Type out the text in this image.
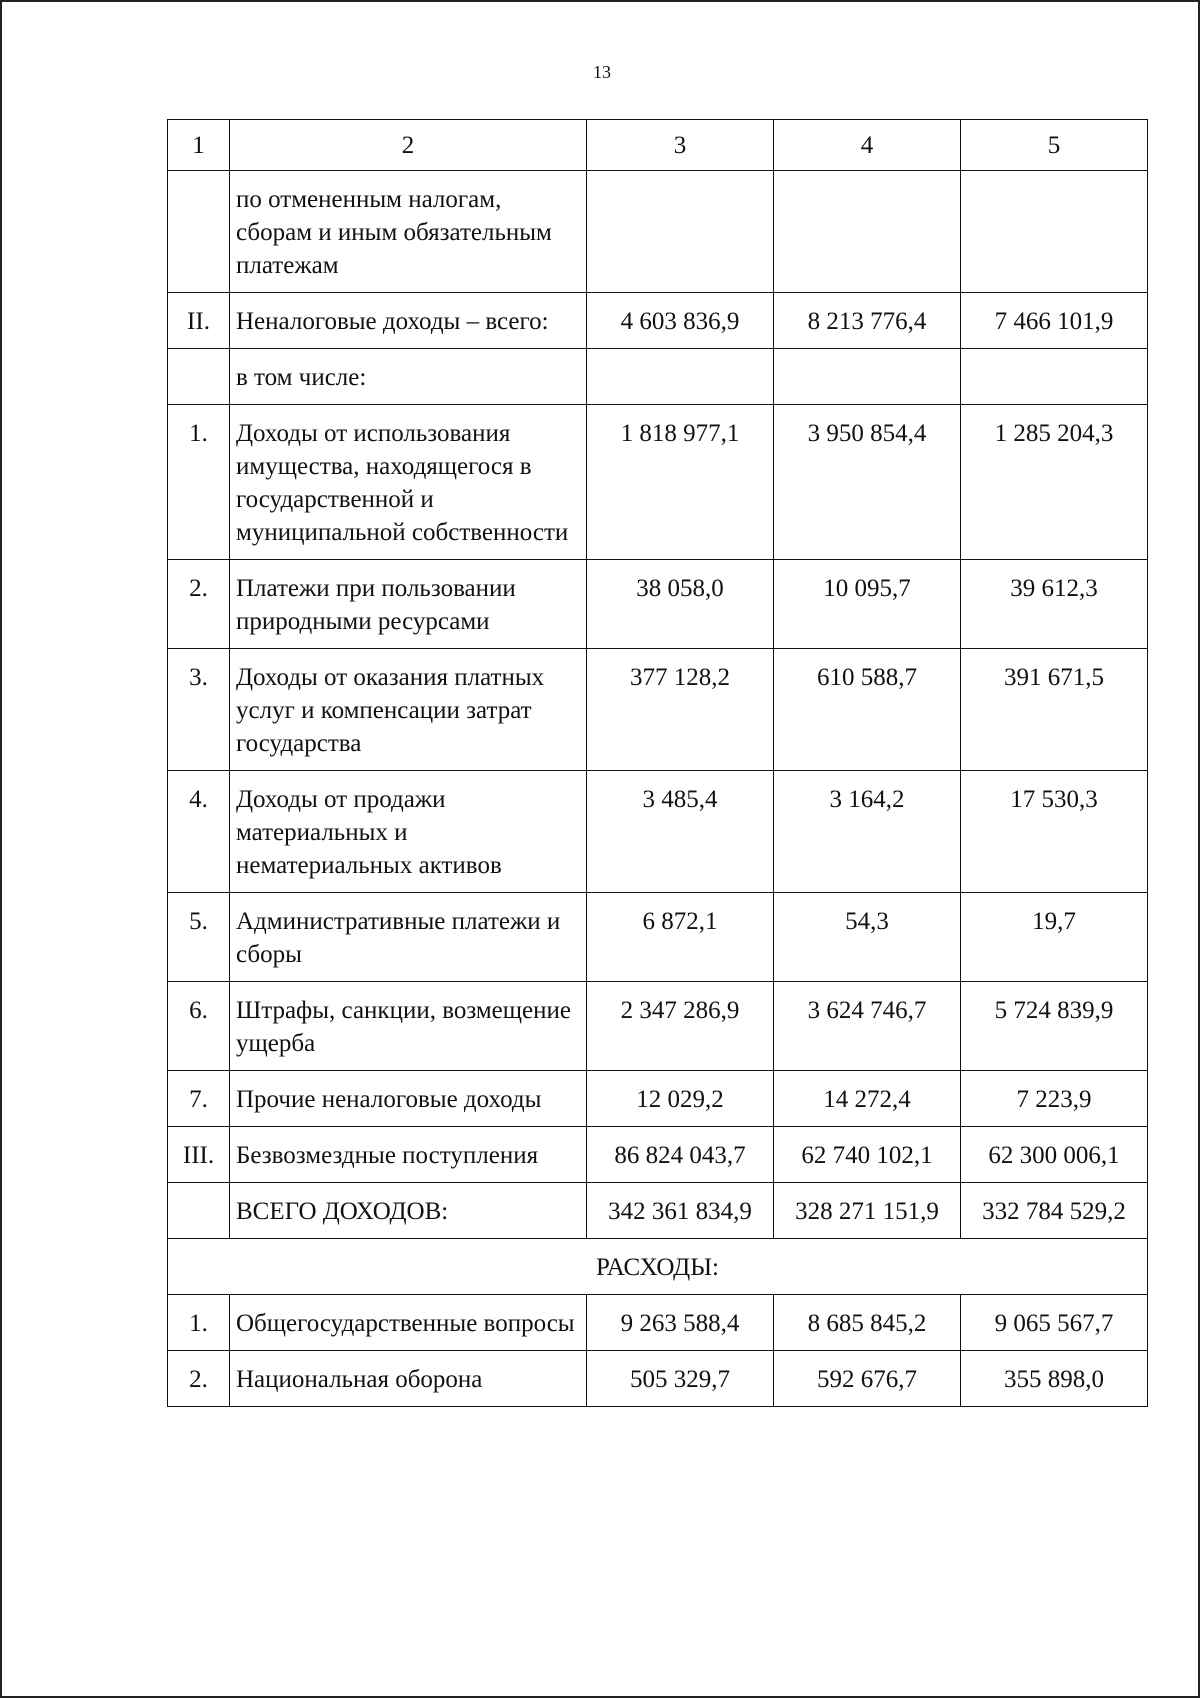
13
1	2	3	4	5
	по отмененным налогам, сборам и иным обязательным платежам			
II.	Неналоговые доходы – всего:	4 603 836,9	8 213 776,4	7 466 101,9
	в том числе:			
1.	Доходы от использования имущества, находящегося в государственной и муниципальной собственности	1 818 977,1	3 950 854,4	1 285 204,3
2.	Платежи при пользовании природными ресурсами	38 058,0	10 095,7	39 612,3
3.	Доходы от оказания платных услуг и компенсации затрат государства	377 128,2	610 588,7	391 671,5
4.	Доходы от продажи материальных и нематериальных активов	3 485,4	3 164,2	17 530,3
5.	Административные платежи и сборы	6 872,1	54,3	19,7
6.	Штрафы, санкции, возмещение ущерба	2 347 286,9	3 624 746,7	5 724 839,9
7.	Прочие неналоговые доходы	12 029,2	14 272,4	7 223,9
III.	Безвозмездные поступления	86 824 043,7	62 740 102,1	62 300 006,1
	ВСЕГО ДОХОДОВ:	342 361 834,9	328 271 151,9	332 784 529,2
РАСХОДЫ:				
1.	Общегосударственные вопросы	9 263 588,4	8 685 845,2	9 065 567,7
2.	Национальная оборона	505 329,7	592 676,7	355 898,0
